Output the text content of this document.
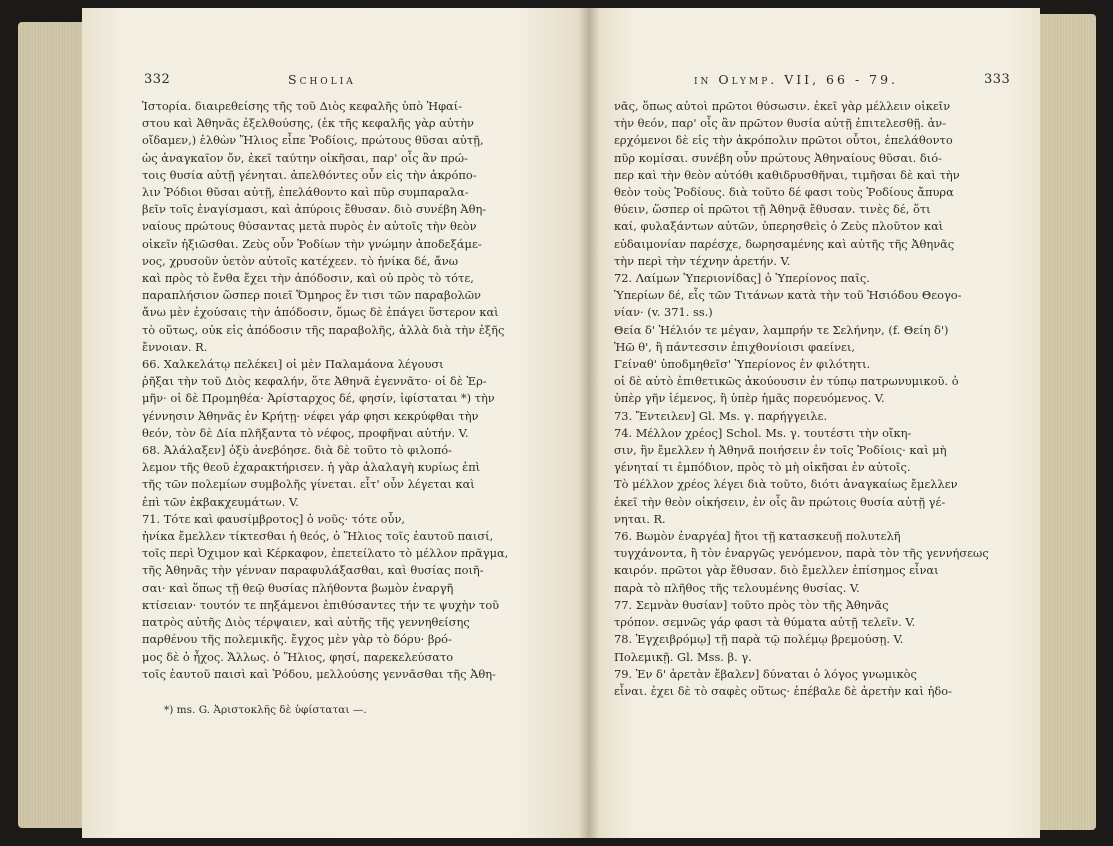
332	Scholia

Ἱστορία. διαιρεθείσης τῆς τοῦ Διὸς κεφαλῆς ὑπὸ Ἡφαί-

στου καὶ Ἀθηνᾶς ἐξελθούσης, (ἐκ τῆς κεφαλῆς γὰρ αὐτὴν

οἴδαμεν,) ἐλθὼν Ἥλιος εἶπε Ῥοδίοις, πρώτους θῦσαι αὐτῇ,

ὡς ἀναγκαῖον ὄν, ἐκεῖ ταύτην οἰκῆσαι, παρ' οἷς ἂν πρώ-

τοις θυσία αὐτῇ γένηται. ἀπελθόντες οὖν εἰς τὴν ἀκρόπο-

λιν Ῥόδιοι θῦσαι αὐτῇ, ἐπελάθοντο καὶ πῦρ συμπαραλα-

βεῖν τοῖς ἐναγίσμασι, καὶ ἀπύροις ἔθυσαν. διὸ συνέβη Ἀθη-

ναίους πρώτους θύσαντας μετὰ πυρὸς ἐν αὐτοῖς τὴν θεὸν

οἰκεῖν ἠξιῶσθαι. Ζεὺς οὖν Ῥοδίων τὴν γνώμην ἀποδεξάμε-

νος, χρυσοῦν ὑετὸν αὐτοῖς κατέχεεν. τὸ ἡνίκα δέ, ἄνω

καὶ πρὸς τὸ ἔνθα ἔχει τὴν ἀπόδοσιν, καὶ οὐ πρὸς τὸ τότε,

παραπλήσιον ὥσπερ ποιεῖ Ὅμηρος ἔν τισι τῶν παραβολῶν

ἄνω μὲν ἐχούσαις τὴν ἀπόδοσιν, ὅμως δὲ ἐπάγει ὕστερον καὶ

τὸ οὕτως, οὐκ εἰς ἀπόδοσιν τῆς παραβολῆς, ἀλλὰ διὰ τὴν ἐξῆς

ἔννοιαν. R.

66. Χαλκελάτῳ πελέκει] οἱ μὲν Παλαμάονα λέγουσι

ῥῆξαι τὴν τοῦ Διὸς κεφαλήν, ὅτε Ἀθηνᾶ ἐγεννᾶτο· οἱ δὲ Ἑρ-

μῆν· οἱ δὲ Προμηθέα· Ἀρίσταρχος δέ, φησίν, ἱφίσταται *) τὴν

γέννησιν Ἀθηνᾶς ἐν Κρήτῃ· νέφει γάρ φησι κεκρύφθαι τὴν

θεόν, τὸν δὲ Δία πλῆξαντα τὸ νέφος, προφῆναι αὐτήν. V.

68. Ἀλάλαξεν] ὀξὺ ἀνεβόησε. διὰ δὲ τοῦτο τὸ φιλοπό-

λεμον τῆς θεοῦ ἐχαρακτήρισεν. ἡ γὰρ ἀλαλαγὴ κυρίως ἐπὶ

τῆς τῶν πολεμίων συμβολῆς γίνεται. εἶτ' οὖν λέγεται καὶ

ἐπὶ τῶν ἐκβακχευμάτων. V.

71. Τότε καὶ φαυσίμβροτος] ὁ νοῦς· τότε οὖν,

ἡνίκα ἔμελλεν τίκτεσθαι ἡ θεός, ὁ Ἥλιος τοῖς ἑαυτοῦ παισί,

τοῖς περὶ Ὀχιμον καὶ Κέρκαφον, ἐπετείλατο τὸ μέλλον πρᾶγμα,

τῆς Ἀθηνᾶς τὴν γένναν παραφυλάξασθαι, καὶ θυσίας ποιῆ-

σαι· καὶ ὅπως τῇ θεῷ θυσίας πλήθοντα βωμὸν ἐναργῆ

κτίσειαν· τουτόν τε πηξάμενοι ἐπιθύσαντες τήν τε ψυχὴν τοῦ

πατρὸς αὐτῆς Διὸς τέρψαιεν, καὶ αὐτῆς τῆς γεννηθείσης

παρθένου τῆς πολεμικῆς. ἔγχος μὲν γὰρ τὸ δόρυ· βρό-

μος δὲ ὁ ἦχος. Ἄλλως. ὁ Ἥλιος, φησί, παρεκελεύσατο

τοῖς ἑαυτοῦ παισὶ καὶ Ῥόδου, μελλούσης γεννᾶσθαι τῆς Ἀθη-

*) ms. G. Ἀριστοκλῆς δὲ ὑφίσταται —.
in Olymp. VII, 66 - 79.	333

νᾶς, ὅπως αὐτοὶ πρῶτοι θύσωσιν. ἐκεῖ γὰρ μέλλειν οἰκεῖν

τὴν θεόν, παρ' οἷς ἂν πρῶτον θυσία αὐτῇ ἐπιτελεσθῇ. ἀν-

ερχόμενοι δὲ εἰς τὴν ἀκρόπολιν πρῶτοι οὗτοι, ἐπελάθοντο

πῦρ κομίσαι. συνέβη οὖν πρώτους Ἀθηναίους θῦσαι. διό-

περ καὶ τὴν θεὸν αὐτόθι καθιδρυσθῆναι, τιμῆσαι δὲ καὶ τὴν

θεὸν τοὺς Ῥοδίους. διὰ τοῦτο δέ φασι τοὺς Ῥοδίους ἄπυρα

θύειν, ὥσπερ οἱ πρῶτοι τῇ Ἀθηνᾷ ἔθυσαν. τινὲς δέ, ὅτι

καί, φυλαξάντων αὐτῶν, ὑπερησθεὶς ὁ Ζεὺς πλοῦτον καὶ

εὐδαιμονίαν παρέσχε, δωρησαμένης καὶ αὐτῆς τῆς Ἀθηνᾶς

τὴν περὶ τὴν τέχνην ἀρετήν. V.

72. Λαίμων Ὑπεριονίδας] ὁ Ὑπερίονος παῖς.

Ὑπερίων δέ, εἷς τῶν Τιτάνων κατὰ τὴν τοῦ Ἡσιόδου Θεογο-

νίαν· (v. 371. ss.)

Θεία δ' Ἠέλιόν τε μέγαν, λαμπρήν τε Σελήνην, (f. Θείη δ')

Ἠῶ θ', ἣ πάντεσσιν ἐπιχθονίοισι φαείνει,

Γείναθ' ὑποδμηθεῖσ' Ὑπερίονος ἐν φιλότητι.

οἱ δὲ αὐτὸ ἐπιθετικῶς ἀκούουσιν ἐν τύπῳ πατρωνυμικοῦ. ὁ

ὑπὲρ γῆν ἱέμενος, ἢ ὑπὲρ ἡμᾶς πορευόμενος. V.

73. Ἔντειλεν] Gl. Ms. γ. παρήγγειλε.

74. Μέλλον χρέος] Schol. Ms. γ. τουτέστι τὴν οἴκη-

σιν, ἣν ἔμελλεν ἡ Ἀθηνᾶ ποιήσειν ἐν τοῖς Ῥοδίοις· καὶ μὴ

γένηταί τι ἐμπόδιον, πρὸς τὸ μὴ οἰκῆσαι ἐν αὐτοῖς.

Τὸ μέλλον χρέος λέγει διὰ τοῦτο, διότι ἀναγκαίως ἔμελλεν

ἐκεῖ τὴν θεὸν οἰκήσειν, ἐν οἷς ἂν πρώτοις θυσία αὐτῇ γέ-

νηται. R.

76. Βωμὸν ἐναργέα] ἤτοι τῇ κατασκευῇ πολυτελῆ

τυγχάνοντα, ἢ τὸν ἐναργῶς γενόμενον, παρὰ τὸν τῆς γεννήσεως

καιρόν. πρῶτοι γὰρ ἔθυσαν. διὸ ἔμελλεν ἐπίσημος εἶναι

παρὰ τὸ πλῆθος τῆς τελουμένης θυσίας. V.

77. Σεμνὰν θυσίαν] τοῦτο πρὸς τὸν τῆς Ἀθηνᾶς

τρόπον. σεμνῶς γάρ φασι τὰ θύματα αὐτῇ τελεῖν. V.

78. Ἐγχειβρόμῳ] τῇ παρὰ τῷ πολέμῳ βρεμούσῃ. V.

Πολεμικῇ. Gl. Mss. β. γ.

79. Ἐν δ' ἀρετὰν ἔβαλεν] δύναται ὁ λόγος γνωμικὸς

εἶναι. ἐχει δὲ τὸ σαφὲς οὕτως· ἐπέβαλε δὲ ἀρετὴν καὶ ἡδο-
